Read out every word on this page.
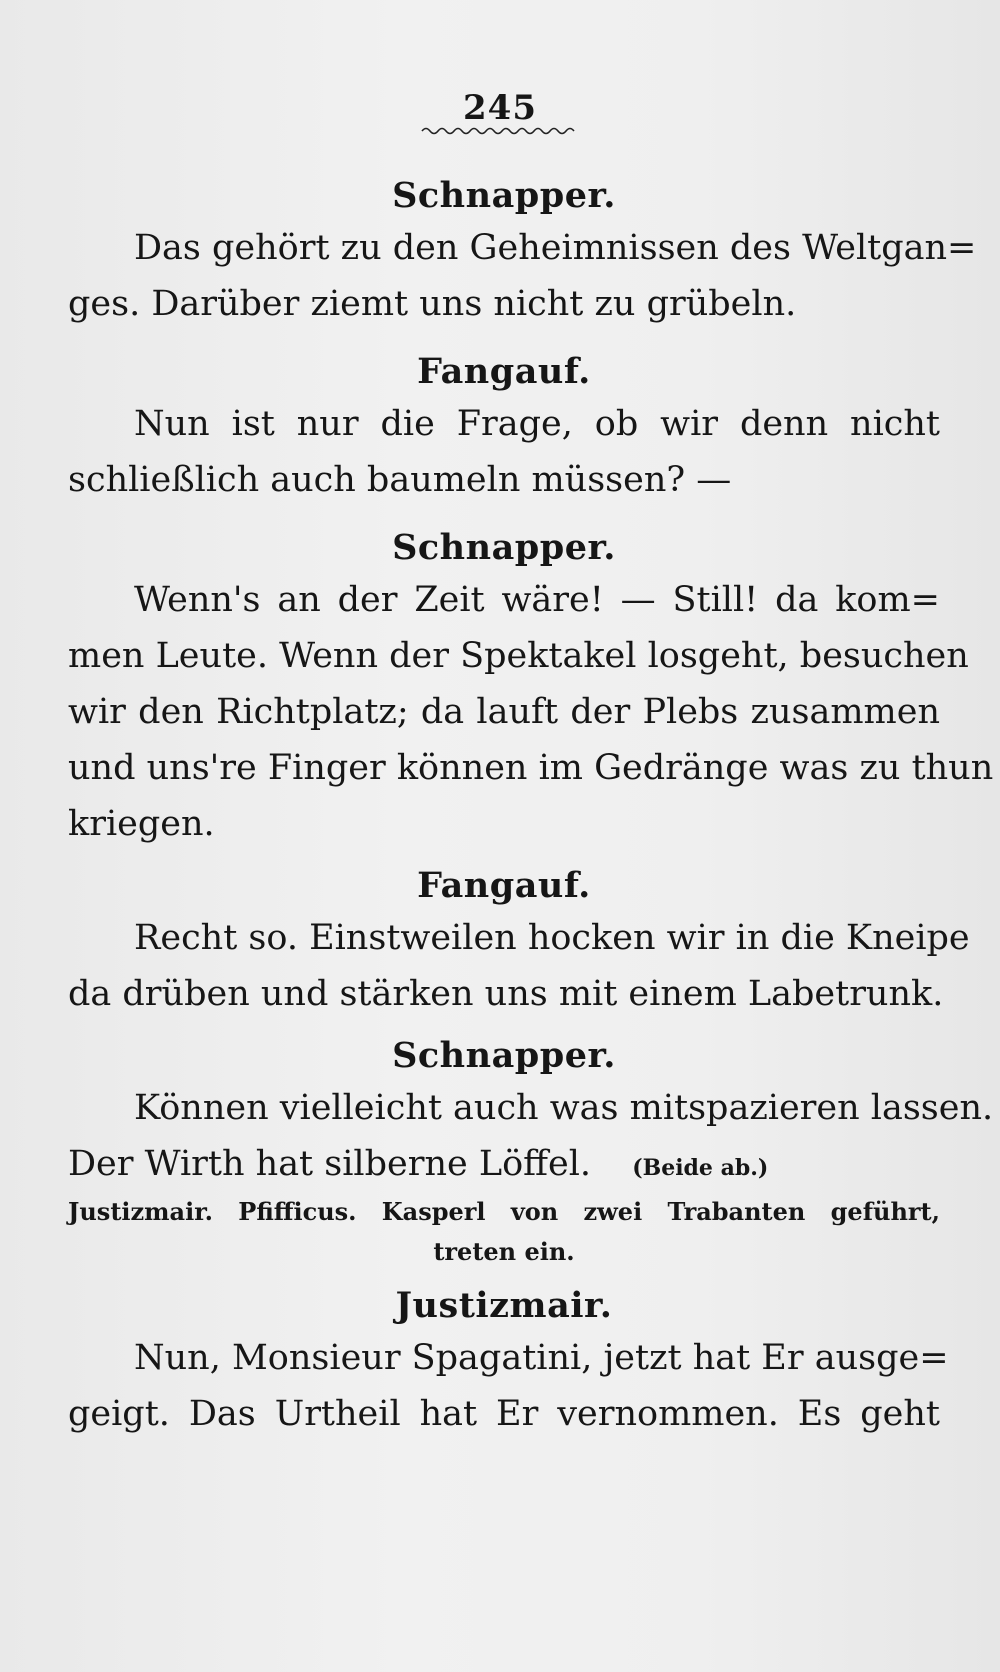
245
Schnapper.
Das gehört zu den Geheimnissen des Weltgan=
ges. Darüber ziemt uns nicht zu grübeln.
Fangauf.
Nun ist nur die Frage, ob wir denn nicht
schließlich auch baumeln müssen? —
Schnapper.
Wenn's an der Zeit wäre! — Still! da kom=
men Leute. Wenn der Spektakel losgeht, besuchen
wir den Richtplatz; da lauft der Plebs zusammen
und uns're Finger können im Gedränge was zu thun
kriegen.
Fangauf.
Recht so. Einstweilen hocken wir in die Kneipe
da drüben und stärken uns mit einem Labetrunk.
Schnapper.
Können vielleicht auch was mitspazieren lassen.
Der Wirth hat silberne Löffel. (Beide ab.)
Justizmair. Pfifficus. Kasperl von zwei Trabanten geführt,
treten ein.
Justizmair.
Nun, Monsieur Spagatini, jetzt hat Er ausge=
geigt. Das Urtheil hat Er vernommen. Es geht
